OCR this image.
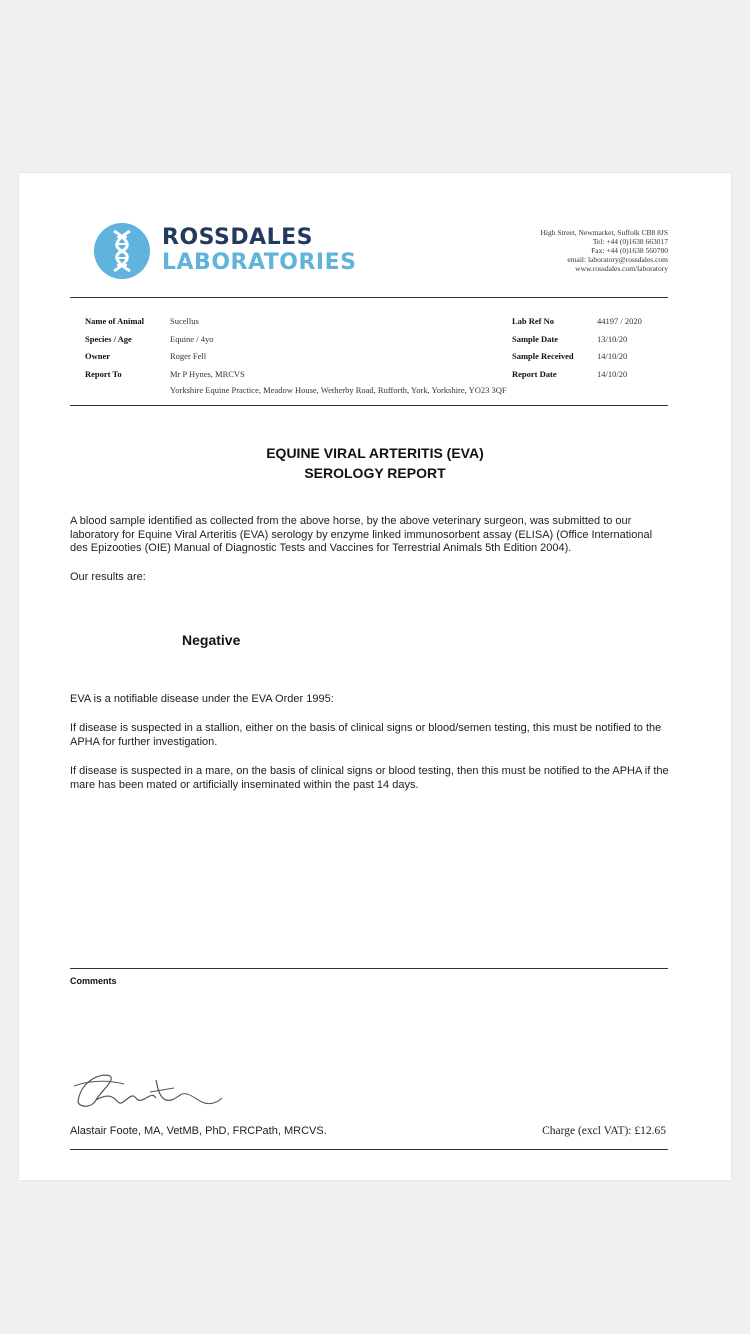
ROSSDALES
LABORATORIES
High Street, Newmarket, Suffolk CB8 8JS
Tel: +44 (0)1638 663017
Fax: +44 (0)1638 560780
email: laboratory@rossdales.com
www.rossdales.com/laboratory
Name of Animal	Sucellus
Species / Age	Equine / 4yo
Owner	Roger Fell
Report To	Mr P Hynes, MRCVS
Yorkshire Equine Practice, Meadow House, Wetherby Road, Rufforth, York, Yorkshire, YO23 3QF
Lab Ref No	44197 / 2020
Sample Date	13/10/20
Sample Received	14/10/20
Report Date	14/10/20
EQUINE VIRAL ARTERITIS (EVA)
SEROLOGY REPORT
A blood sample identified as collected from the above horse, by the above veterinary surgeon, was submitted to our laboratory for Equine Viral Arteritis (EVA) serology by enzyme linked immunosorbent assay (ELISA) (Office International des Epizooties (OIE) Manual of Diagnostic Tests and Vaccines for Terrestrial Animals 5th Edition 2004).
Our results are:
Negative
EVA is a notifiable disease under the EVA Order 1995:
If disease is suspected in a stallion, either on the basis of clinical signs or blood/semen testing, this must be notified to the APHA for further investigation.
If disease is suspected in a mare, on the basis of clinical signs or blood testing, then this must be notified to the APHA if the mare has been mated or artificially inseminated within the past 14 days.
Comments
Alastair Foote, MA, VetMB, PhD, FRCPath, MRCVS.	Charge (excl VAT): £12.65
